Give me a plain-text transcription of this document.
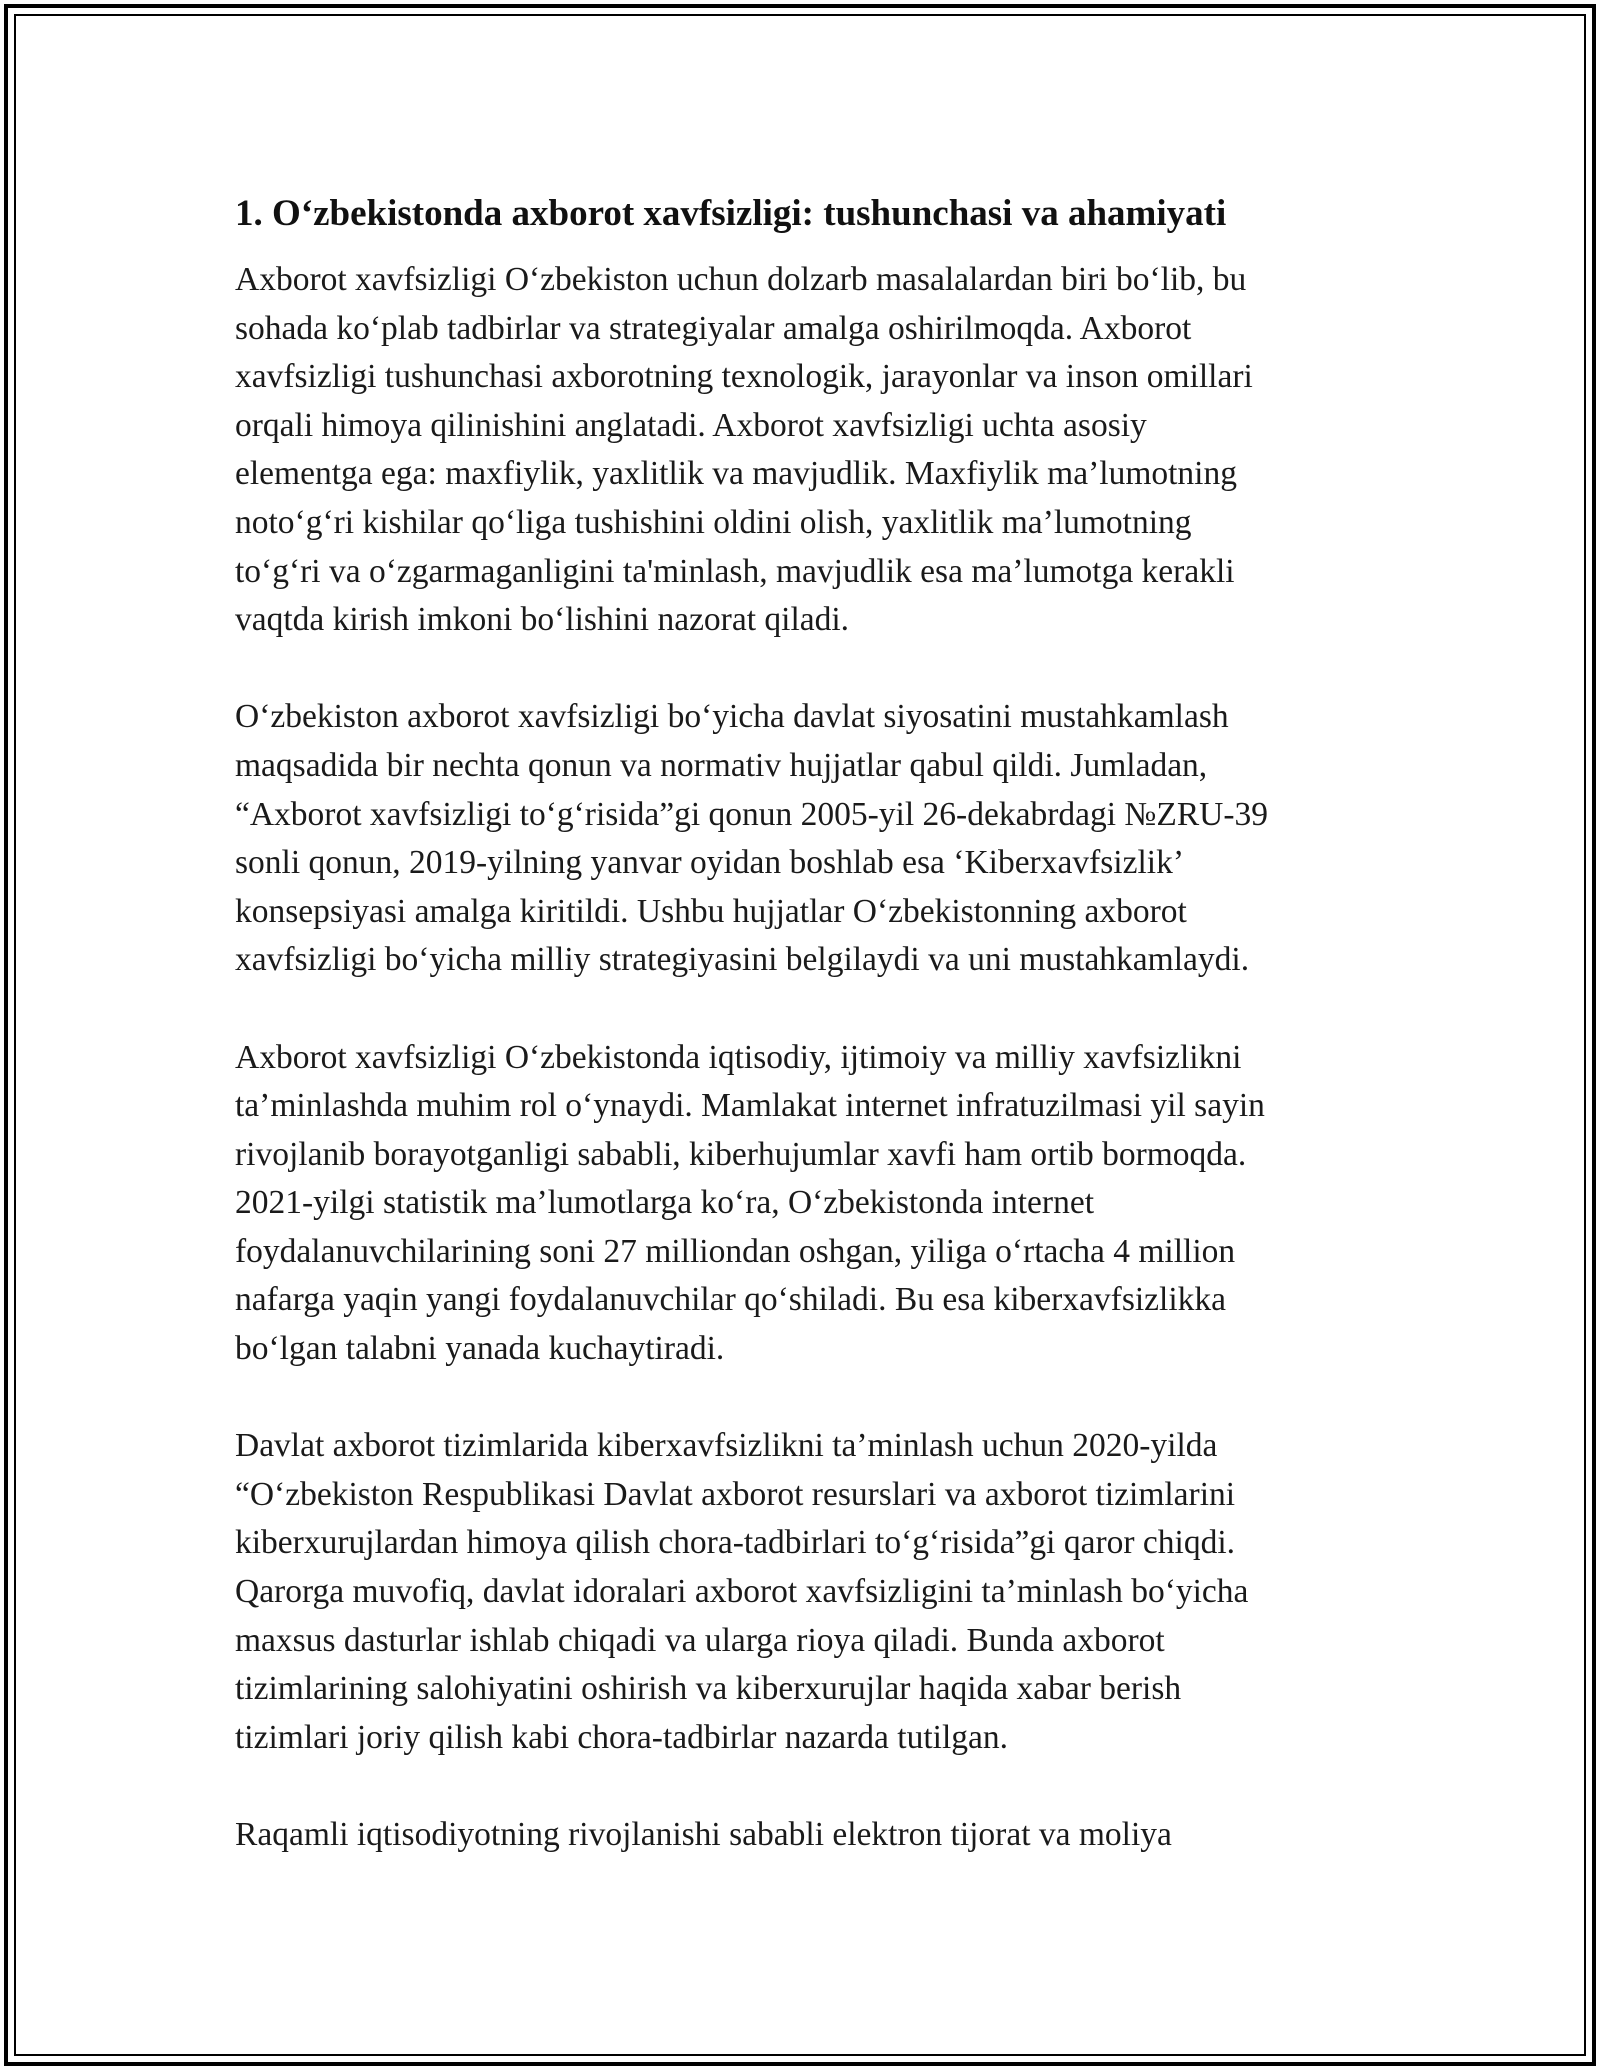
1. O‘zbekistonda axborot xavfsizligi: tushunchasi va ahamiyati

Axborot xavfsizligi O‘zbekiston uchun dolzarb masalalardan biri bo‘lib, bu
sohada ko‘plab tadbirlar va strategiyalar amalga oshirilmoqda. Axborot
xavfsizligi tushunchasi axborotning texnologik, jarayonlar va inson omillari
orqali himoya qilinishini anglatadi. Axborot xavfsizligi uchta asosiy
elementga ega: maxfiylik, yaxlitlik va mavjudlik. Maxfiylik ma’lumotning
noto‘g‘ri kishilar qo‘liga tushishini oldini olish, yaxlitlik ma’lumotning
to‘g‘ri va o‘zgarmaganligini ta'minlash, mavjudlik esa ma’lumotga kerakli
vaqtda kirish imkoni bo‘lishini nazorat qiladi.

O‘zbekiston axborot xavfsizligi bo‘yicha davlat siyosatini mustahkamlash
maqsadida bir nechta qonun va normativ hujjatlar qabul qildi. Jumladan,
“Axborot xavfsizligi to‘g‘risida”gi qonun 2005-yil 26-dekabrdagi №ZRU-39
sonli qonun, 2019-yilning yanvar oyidan boshlab esa ‘Kiberxavfsizlik’
konsepsiyasi amalga kiritildi. Ushbu hujjatlar O‘zbekistonning axborot
xavfsizligi bo‘yicha milliy strategiyasini belgilaydi va uni mustahkamlaydi.

Axborot xavfsizligi O‘zbekistonda iqtisodiy, ijtimoiy va milliy xavfsizlikni
ta’minlashda muhim rol o‘ynaydi. Mamlakat internet infratuzilmasi yil sayin
rivojlanib borayotganligi sababli, kiberhujumlar xavfi ham ortib bormoqda.
2021-yilgi statistik ma’lumotlarga ko‘ra, O‘zbekistonda internet
foydalanuvchilarining soni 27 milliondan oshgan, yiliga o‘rtacha 4 million
nafarga yaqin yangi foydalanuvchilar qo‘shiladi. Bu esa kiberxavfsizlikka
bo‘lgan talabni yanada kuchaytiradi.

Davlat axborot tizimlarida kiberxavfsizlikni ta’minlash uchun 2020-yilda
“O‘zbekiston Respublikasi Davlat axborot resurslari va axborot tizimlarini
kiberxurujlardan himoya qilish chora-tadbirlari to‘g‘risida”gi qaror chiqdi.
Qarorga muvofiq, davlat idoralari axborot xavfsizligini ta’minlash bo‘yicha
maxsus dasturlar ishlab chiqadi va ularga rioya qiladi. Bunda axborot
tizimlarining salohiyatini oshirish va kiberxurujlar haqida xabar berish
tizimlari joriy qilish kabi chora-tadbirlar nazarda tutilgan.

Raqamli iqtisodiyotning rivojlanishi sababli elektron tijorat va moliya
